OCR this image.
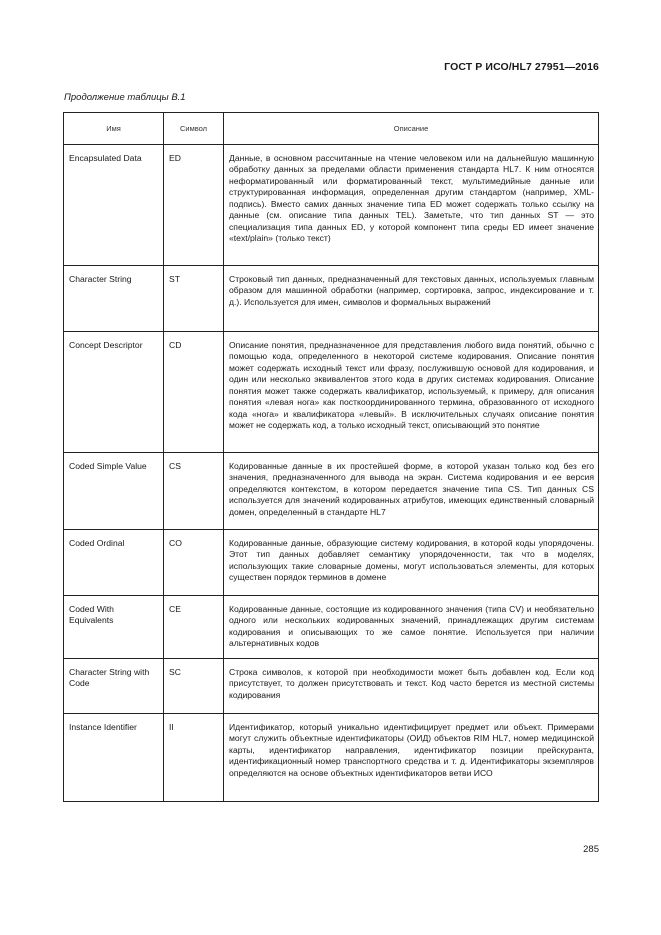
ГОСТ Р ИСО/HL7 27951—2016
Продолжение таблицы В.1
Имя	Символ	Описание
Encapsulated Data	ED	Данные, в основном рассчитанные на чтение человеком или на дальнейшую машинную обработку данных за пределами области применения стандарта HL7. К ним относятся неформатированный или форматированный текст, мультимедийные данные или структурированная информация, определенная другим стандартом (например, XML-подпись). Вместо самих данных значение типа ED может содержать только ссылку на данные (см. описание типа данных TEL). Заметьте, что тип данных ST — это специализация типа данных ED, у которой компонент типа среды ED имеет значение «text/plain» (только текст)
Character String	ST	Строковый тип данных, предназначенный для текстовых данных, используемых главным образом для машинной обработки (например, сортировка, запрос, индексирование и т. д.). Используется для имен, символов и формальных выражений
Concept Descriptor	CD	Описание понятия, предназначенное для представления любого вида понятий, обычно с помощью кода, определенного в некоторой системе кодирования. Описание понятия может содержать исходный текст или фразу, послужившую основой для кодирования, и один или несколько эквивалентов этого кода в других системах кодирования. Описание понятия может также содержать квалификатор, используемый, к примеру, для описания понятия «левая нога» как посткоординированного термина, образованного от исходного кода «нога» и квалификатора «левый». В исключительных случаях описание понятия может не содержать код, а только исходный текст, описывающий это понятие
Coded Simple Value	CS	Кодированные данные в их простейшей форме, в которой указан только код без его значения, предназначенного для вывода на экран. Система кодирования и ее версия определяются контекстом, в котором передается значение типа CS. Тип данных CS используется для значений кодированных атрибутов, имеющих единственный словарный домен, определенный в стандарте HL7
Coded Ordinal	CO	Кодированные данные, образующие систему кодирования, в которой коды упорядочены. Этот тип данных добавляет семантику упорядоченности, так что в моделях, использующих такие словарные домены, могут использоваться элементы, для которых существен порядок терминов в домене
Coded With Equivalents	CE	Кодированные данные, состоящие из кодированного значения (типа CV) и необязательно одного или нескольких кодированных значений, принадлежащих другим системам кодирования и описывающих то же самое понятие. Используется при наличии альтернативных кодов
Character String with Code	SC	Строка символов, к которой при необходимости может быть добавлен код. Если код присутствует, то должен присутствовать и текст. Код часто берется из местной системы кодирования
Instance Identifier	II	Идентификатор, который уникально идентифицирует предмет или объект. Примерами могут служить объектные идентификаторы (ОИД) объектов RIM HL7, номер медицинской карты, идентификатор направления, идентификатор позиции прейскуранта, идентификационный номер транспортного средства и т. д. Идентификаторы экземпляров определяются на основе объектных идентификаторов ветви ИСО
285
